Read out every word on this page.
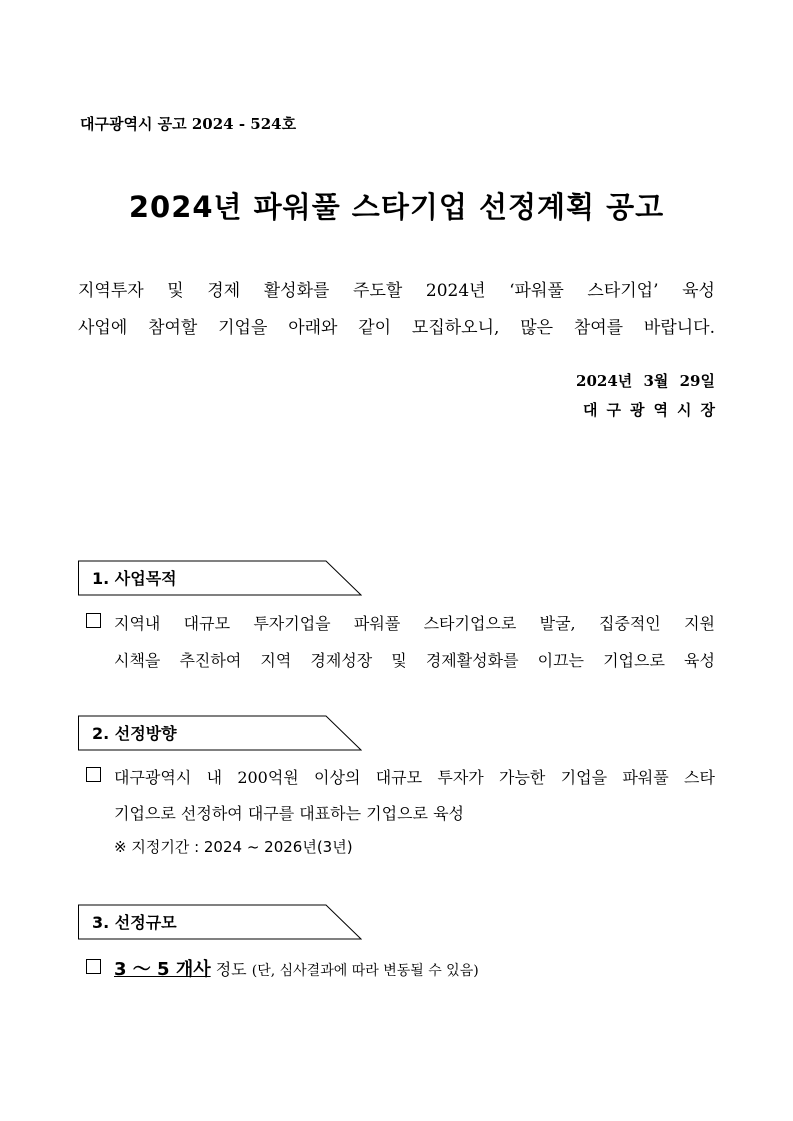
대구광역시 공고 2024 - 524호
2024년 파워풀 스타기업 선정계획 공고
지역투자 및 경제 활성화를 주도할 2024년 ‘파워풀 스타기업’ 육성
사업에 참여할 기업을 아래와 같이 모집하오니, 많은 참여를 바랍니다.
2024년 3월 29일
대구광역시장
1. 사업목적
지역내 대규모 투자기업을 파워풀 스타기업으로 발굴, 집중적인 지원
시책을 추진하여 지역 경제성장 및 경제활성화를 이끄는 기업으로 육성
2. 선정방향
대구광역시 내 200억원 이상의 대규모 투자가 가능한 기업을 파워풀 스타
기업으로 선정하여 대구를 대표하는 기업으로 육성
※ 지정기간 : 2024 ~ 2026년(3년)
3. 선정규모
3 ～ 5 개사 정도 (단, 심사결과에 따라 변동될 수 있음)
